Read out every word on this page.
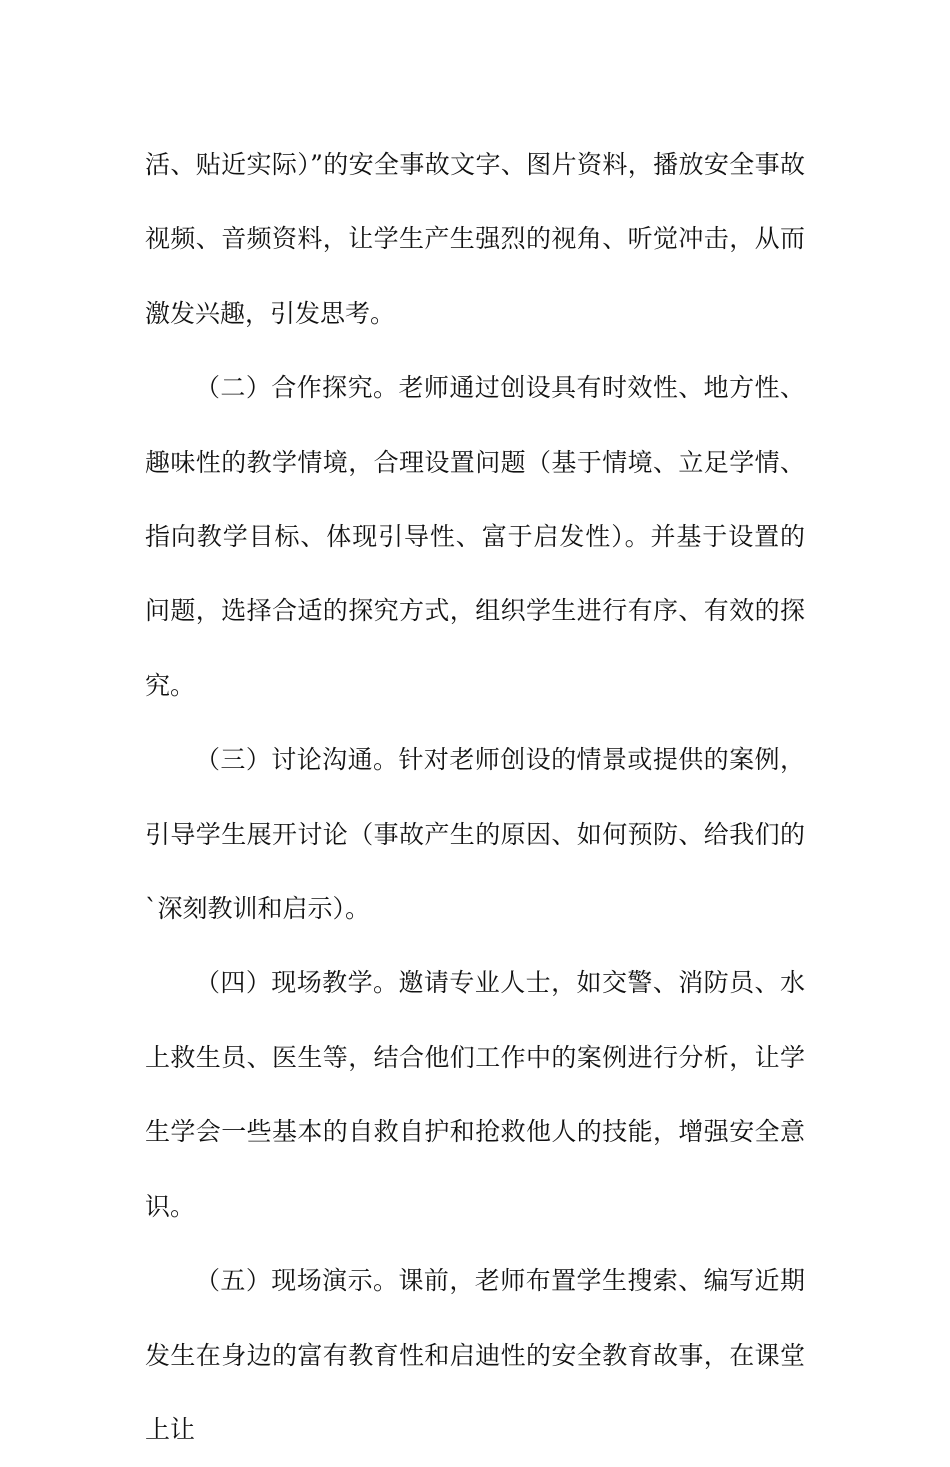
活、贴近实际）”的安全事故文字、图片资料，播放安全事故视频、音频资料，让学生产生强烈的视角、听觉冲击，从而激发兴趣，引发思考。

（二）合作探究。老师通过创设具有时效性、地方性、趣味性的教学情境，合理设置问题（基于情境、立足学情、指向教学目标、体现引导性、富于启发性）。并基于设置的问题，选择合适的探究方式，组织学生进行有序、有效的探究。

（三）讨论沟通。针对老师创设的情景或提供的案例，引导学生展开讨论（事故产生的原因、如何预防、给我们的`深刻教训和启示）。

（四）现场教学。邀请专业人士，如交警、消防员、水上救生员、医生等，结合他们工作中的案例进行分析，让学生学会一些基本的自救自护和抢救他人的技能，增强安全意识。

（五）现场演示。课前，老师布置学生搜索、编写近期发生在身边的富有教育性和启迪性的安全教育故事，在课堂上让
